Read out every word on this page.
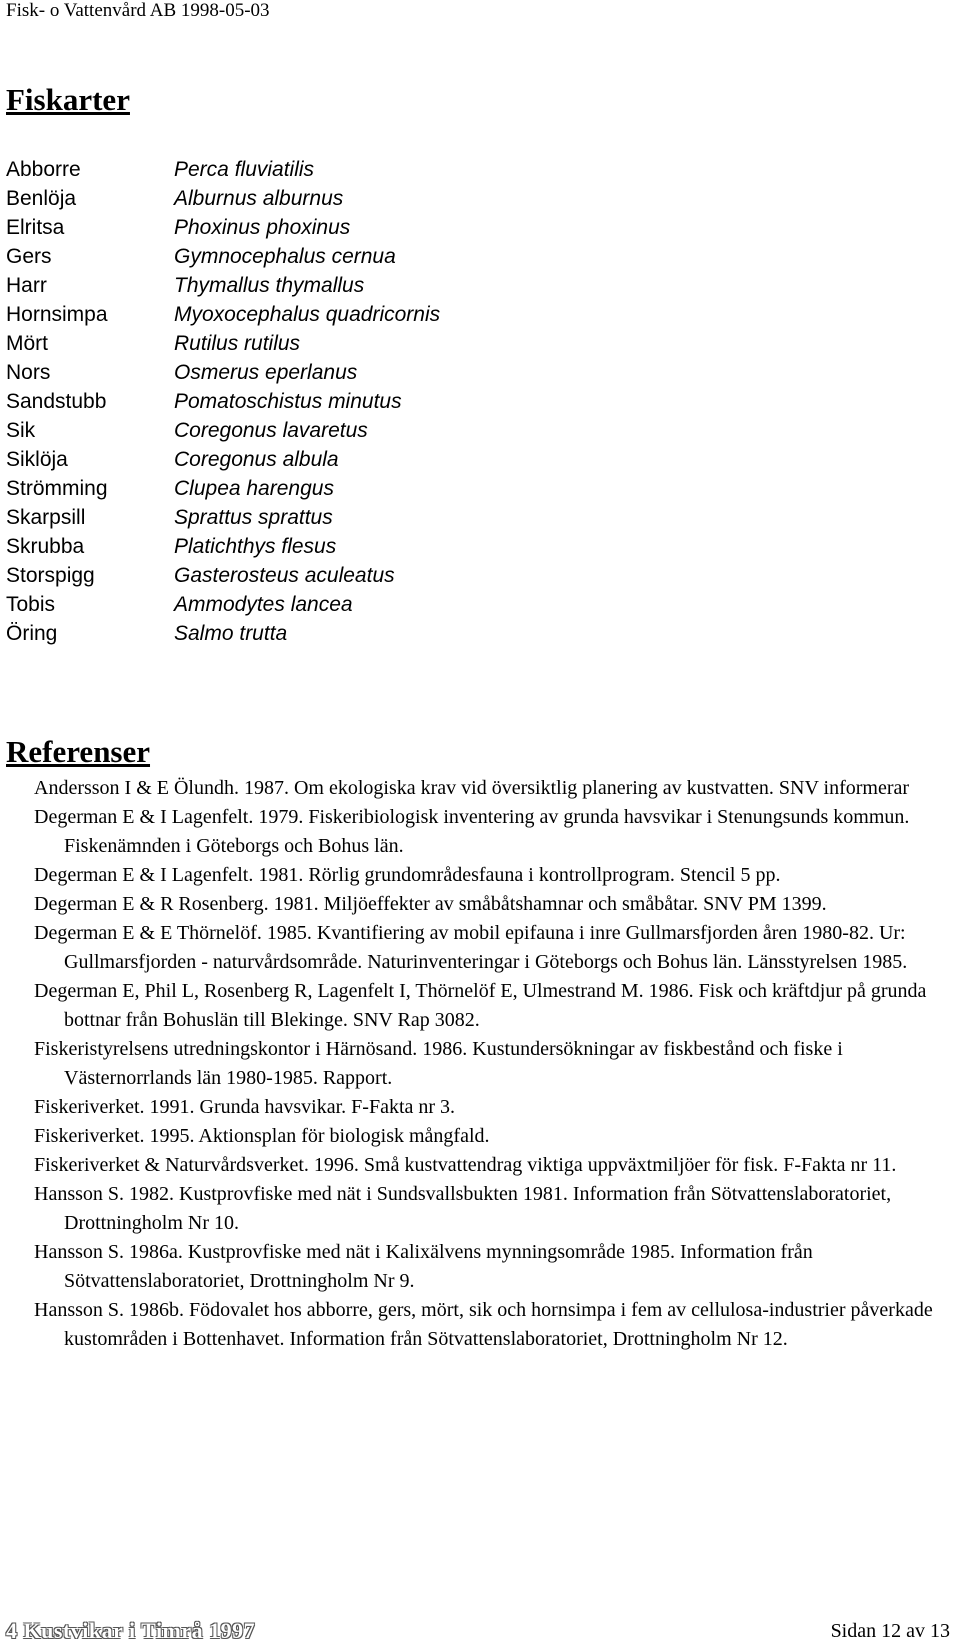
Fisk- o Vattenvård AB 1998-05-03
Fiskarter
Abborre	Perca fluviatilis
Benlöja	Alburnus alburnus
Elritsa	Phoxinus phoxinus
Gers	Gymnocephalus cernua
Harr	Thymallus thymallus
Hornsimpa	Myoxocephalus quadricornis
Mört	Rutilus rutilus
Nors	Osmerus eperlanus
Sandstubb	Pomatoschistus minutus
Sik	Coregonus lavaretus
Siklöja	Coregonus albula
Strömming	Clupea harengus
Skarpsill	Sprattus sprattus
Skrubba	Platichthys flesus
Storspigg	Gasterosteus aculeatus
Tobis	Ammodytes lancea
Öring	Salmo trutta
Referenser
Andersson I & E Ölundh. 1987. Om ekologiska krav vid översiktlig planering av kustvatten. SNV informerar
Degerman E & I Lagenfelt. 1979. Fiskeribiologisk inventering av grunda havsvikar i Stenungsunds kommun. Fiskenämnden i Göteborgs och Bohus län.
Degerman E & I Lagenfelt. 1981. Rörlig grundområdesfauna i kontrollprogram. Stencil 5 pp.
Degerman E & R Rosenberg. 1981. Miljöeffekter av småbåtshamnar och småbåtar. SNV PM 1399.
Degerman E & E Thörnelöf. 1985. Kvantifiering av mobil epifauna i inre Gullmarsfjorden åren 1980-82. Ur: Gullmarsfjorden - naturvårdsområde. Naturinventeringar i Göteborgs och Bohus län. Länsstyrelsen 1985.
Degerman E, Phil L, Rosenberg R, Lagenfelt I, Thörnelöf E, Ulmestrand M. 1986. Fisk och kräftdjur på grunda bottnar från Bohuslän till Blekinge. SNV Rap 3082.
Fiskeristyrelsens utredningskontor i Härnösand. 1986. Kustundersökningar av fiskbestånd och fiske i Västernorrlands län 1980-1985. Rapport.
Fiskeriverket. 1991. Grunda havsvikar. F-Fakta nr 3.
Fiskeriverket. 1995. Aktionsplan för biologisk mångfald.
Fiskeriverket & Naturvårdsverket. 1996. Små kustvattendrag viktiga uppväxtmiljöer för fisk. F-Fakta nr 11.
Hansson S. 1982. Kustprovfiske med nät i Sundsvallsbukten 1981. Information från Sötvattenslaboratoriet, Drottningholm Nr 10.
Hansson S. 1986a. Kustprovfiske med nät i Kalixälvens mynningsområde 1985. Information från Sötvattenslaboratoriet, Drottningholm Nr 9.
Hansson S. 1986b. Födovalet hos abborre, gers, mört, sik och hornsimpa i fem av cellulosa-industrier påverkade kustområden i Bottenhavet. Information från Sötvattenslaboratoriet, Drottningholm Nr 12.
4 Kustvikar i Timrå 1997	Sidan 12 av 13
